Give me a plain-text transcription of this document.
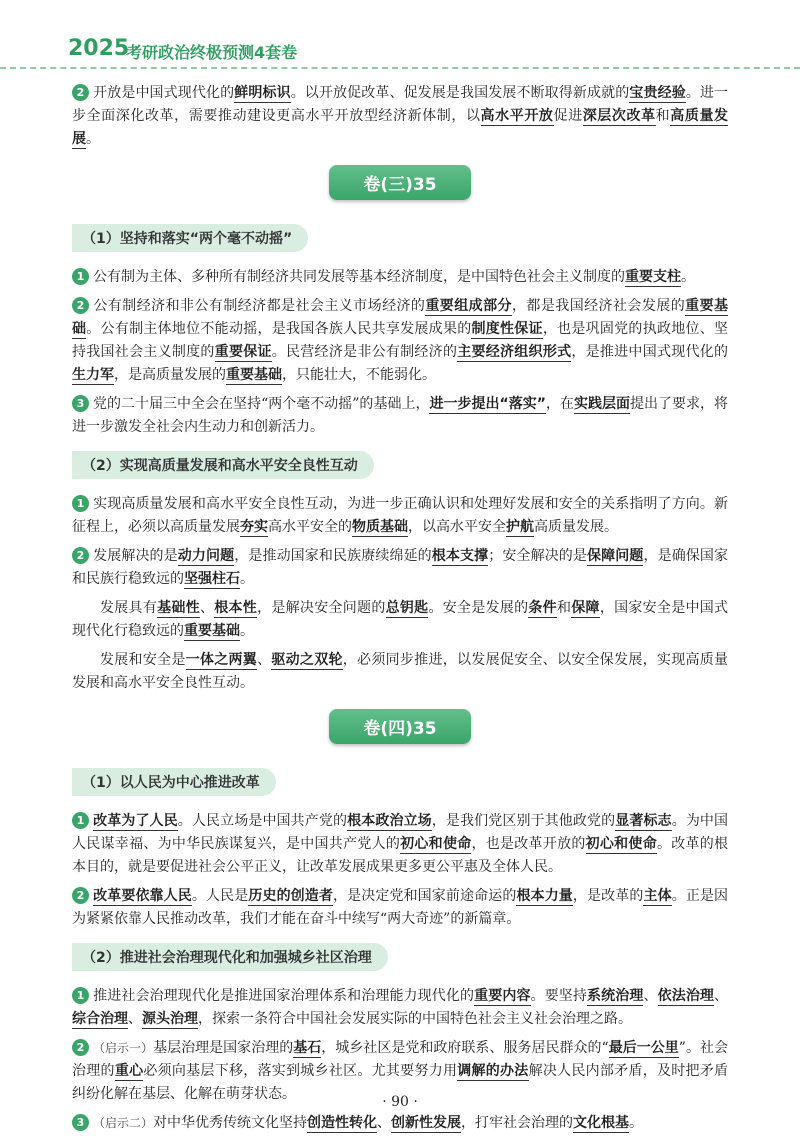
2025
考研政治终极预测4套卷

2 开放是中国式现代化的鲜明标识。以开放促改革、促发展是我国发展不断取得新成就的宝贵经验。进一步全面深化改革，需要推动建设更高水平开放型经济新体制，以高水平开放促进深层次改革和高质量发展。

卷(三)35
（1）坚持和落实“两个毫不动摇”

1 公有制为主体、多种所有制经济共同发展等基本经济制度，是中国特色社会主义制度的重要支柱。

2 公有制经济和非公有制经济都是社会主义市场经济的重要组成部分，都是我国经济社会发展的重要基础。公有制主体地位不能动摇，是我国各族人民共享发展成果的制度性保证，也是巩固党的执政地位、坚持我国社会主义制度的重要保证。民营经济是非公有制经济的主要经济组织形式，是推进中国式现代化的生力军，是高质量发展的重要基础，只能壮大，不能弱化。

3 党的二十届三中全会在坚持“两个毫不动摇”的基础上，进一步提出“落实”，在实践层面提出了要求，将进一步激发全社会内生动力和创新活力。

（2）实现高质量发展和高水平安全良性互动

1 实现高质量发展和高水平安全良性互动，为进一步正确认识和处理好发展和安全的关系指明了方向。新征程上，必须以高质量发展夯实高水平安全的物质基础，以高水平安全护航高质量发展。

2 发展解决的是动力问题，是推动国家和民族赓续绵延的根本支撑；安全解决的是保障问题，是确保国家和民族行稳致远的坚强柱石。

发展具有基础性、根本性，是解决安全问题的总钥匙。安全是发展的条件和保障，国家安全是中国式现代化行稳致远的重要基础。

发展和安全是一体之两翼、驱动之双轮，必须同步推进，以发展促安全、以安全保发展，实现高质量发展和高水平安全良性互动。

卷(四)35
（1）以人民为中心推进改革

1 改革为了人民。人民立场是中国共产党的根本政治立场，是我们党区别于其他政党的显著标志。为中国人民谋幸福、为中华民族谋复兴，是中国共产党人的初心和使命，也是改革开放的初心和使命。改革的根本目的，就是要促进社会公平正义，让改革发展成果更多更公平惠及全体人民。

2 改革要依靠人民。人民是历史的创造者，是决定党和国家前途命运的根本力量，是改革的主体。正是因为紧紧依靠人民推动改革，我们才能在奋斗中续写“两大奇迹”的新篇章。

（2）推进社会治理现代化和加强城乡社区治理

1 推进社会治理现代化是推进国家治理体系和治理能力现代化的重要内容。要坚持系统治理、依法治理、综合治理、源头治理，探索一条符合中国社会发展实际的中国特色社会主义社会治理之路。

2 （启示一）基层治理是国家治理的基石，城乡社区是党和政府联系、服务居民群众的“最后一公里”。社会治理的重心必须向基层下移，落实到城乡社区。尤其要努力用调解的办法解决人民内部矛盾，及时把矛盾纠纷化解在基层、化解在萌芽状态。

3 （启示二）对中华优秀传统文化坚持创造性转化、创新性发展，打牢社会治理的文化根基。

· 90 ·
